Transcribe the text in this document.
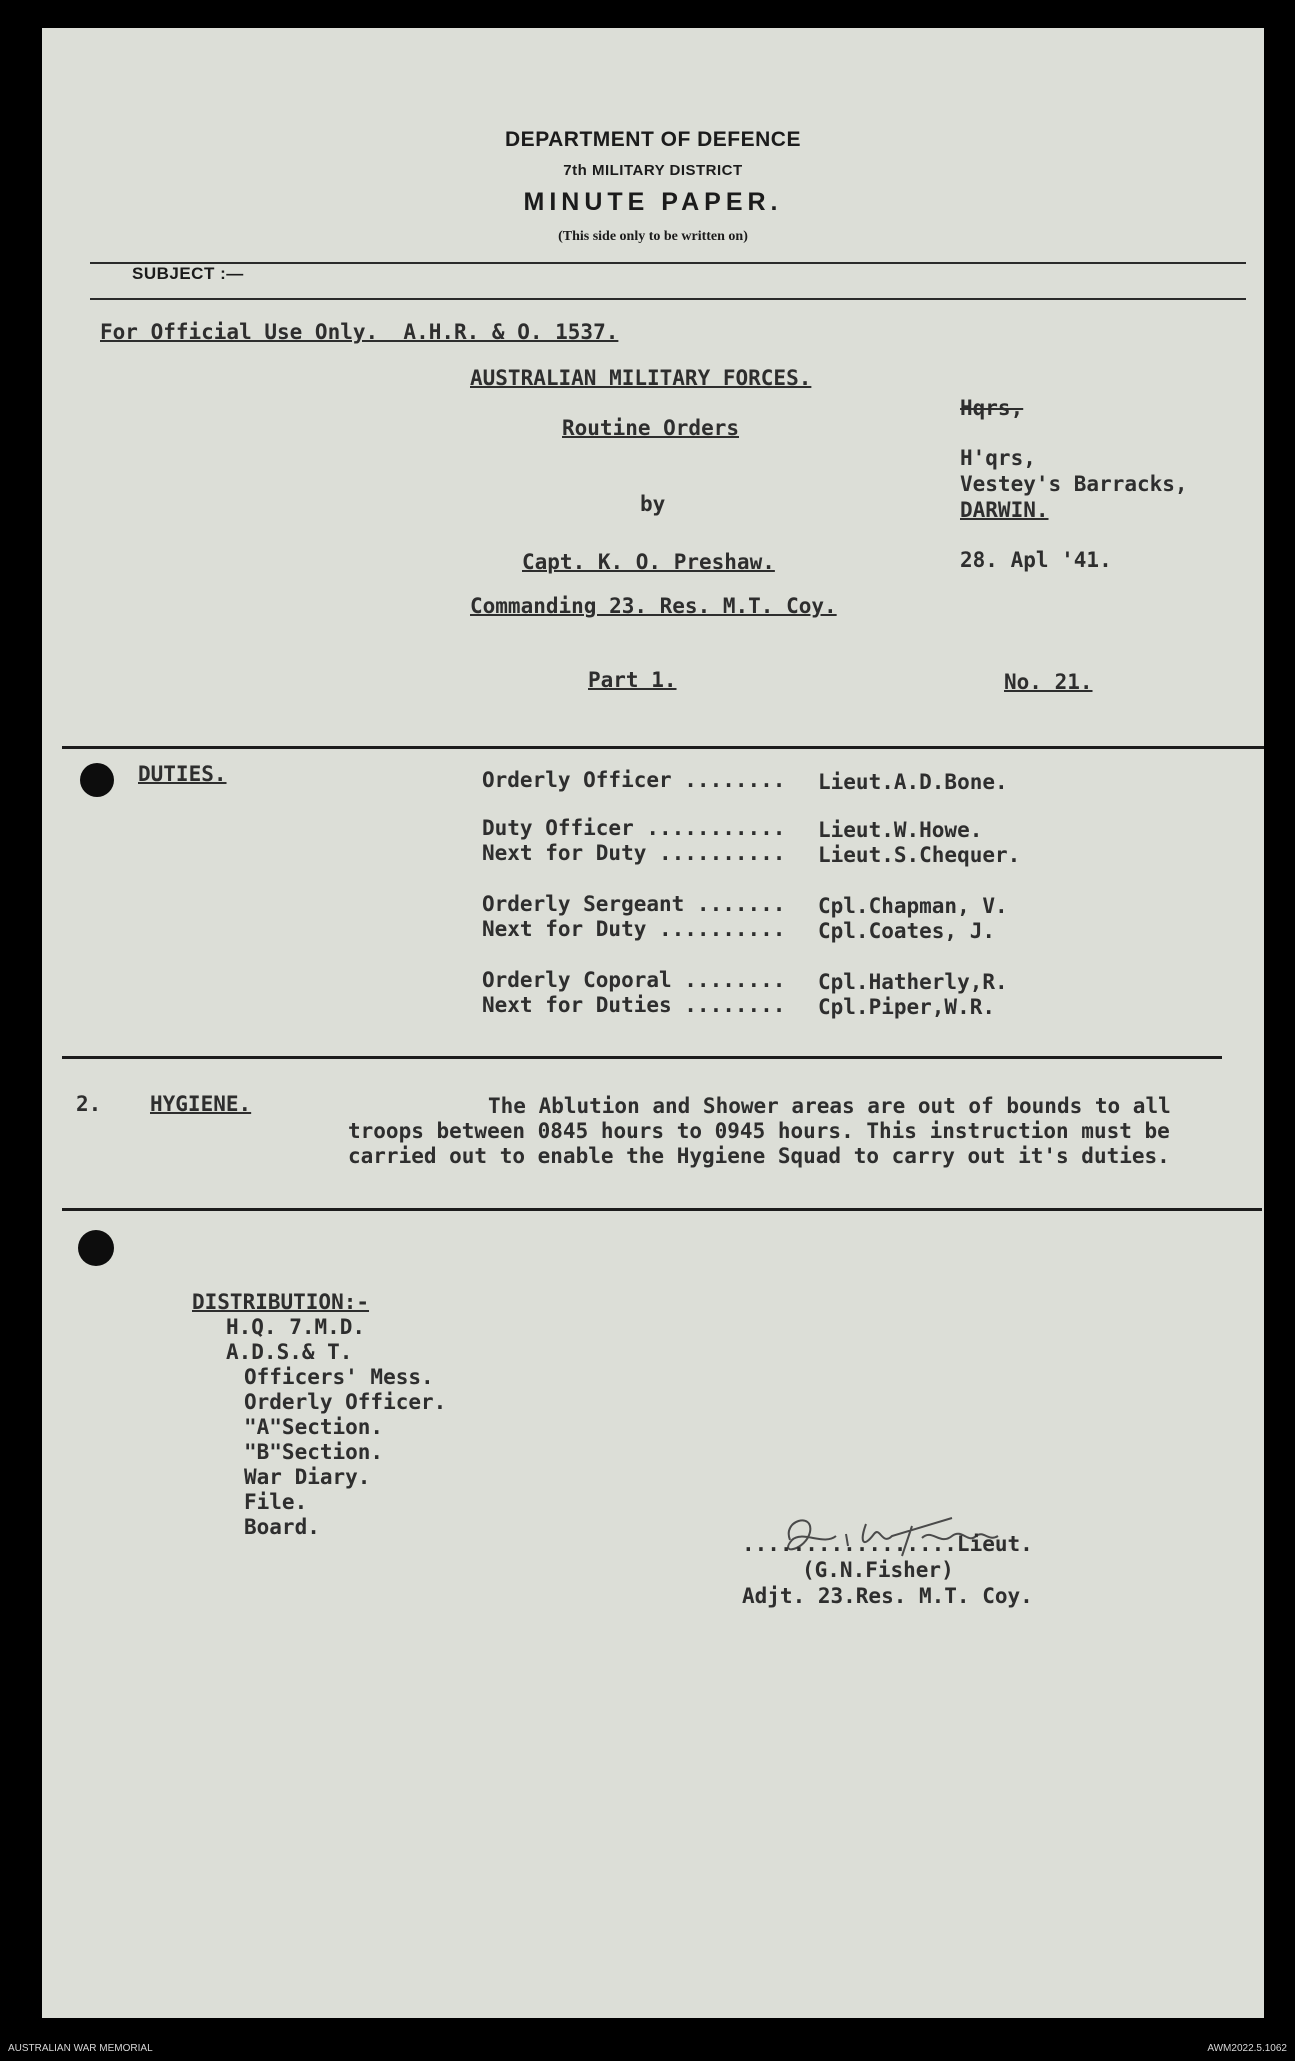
DEPARTMENT OF DEFENCE
7th MILITARY DISTRICT
MINUTE PAPER.
(This side only to be written on)
SUBJECT :—
For Official Use Only.  A.H.R. & O. 1537.
AUSTRALIAN MILITARY FORCES.
Routine Orders
by
Capt. K. O. Preshaw.
Commanding 23. Res. M.T. Coy.
Part 1.
Hqrs,
H'qrs,
Vestey's Barracks,
DARWIN.
28. Apl '41.
No. 21.
DUTIES.	Orderly Officer ........ Lieut.A.D.Bone.
Duty Officer ........... Lieut.W.Howe.
Next for Duty .......... Lieut.S.Chequer.
Orderly Sergeant ....... Cpl.Chapman, V.
Next for Duty .......... Cpl.Coates, J.
Orderly Coporal ........ Cpl.Hatherly,R.
Next for Duties ........ Cpl.Piper,W.R.
2. HYGIENE.	The Ablution and Shower areas are out of bounds to all troops between 0845 hours to 0945 hours. This instruction must be carried out to enable the Hygiene Squad to carry out it's duties.
DISTRIBUTION:-
H.Q. 7.M.D.
A.D.S.& T.
Officers' Mess.
Orderly Officer.
"A"Section.
"B"Section.
War Diary.
File.
Board.
.................Lieut.
(G.N.Fisher)
Adjt. 23.Res. M.T. Coy.
AUSTRALIAN WAR MEMORIAL	AWM2022.5.1062
